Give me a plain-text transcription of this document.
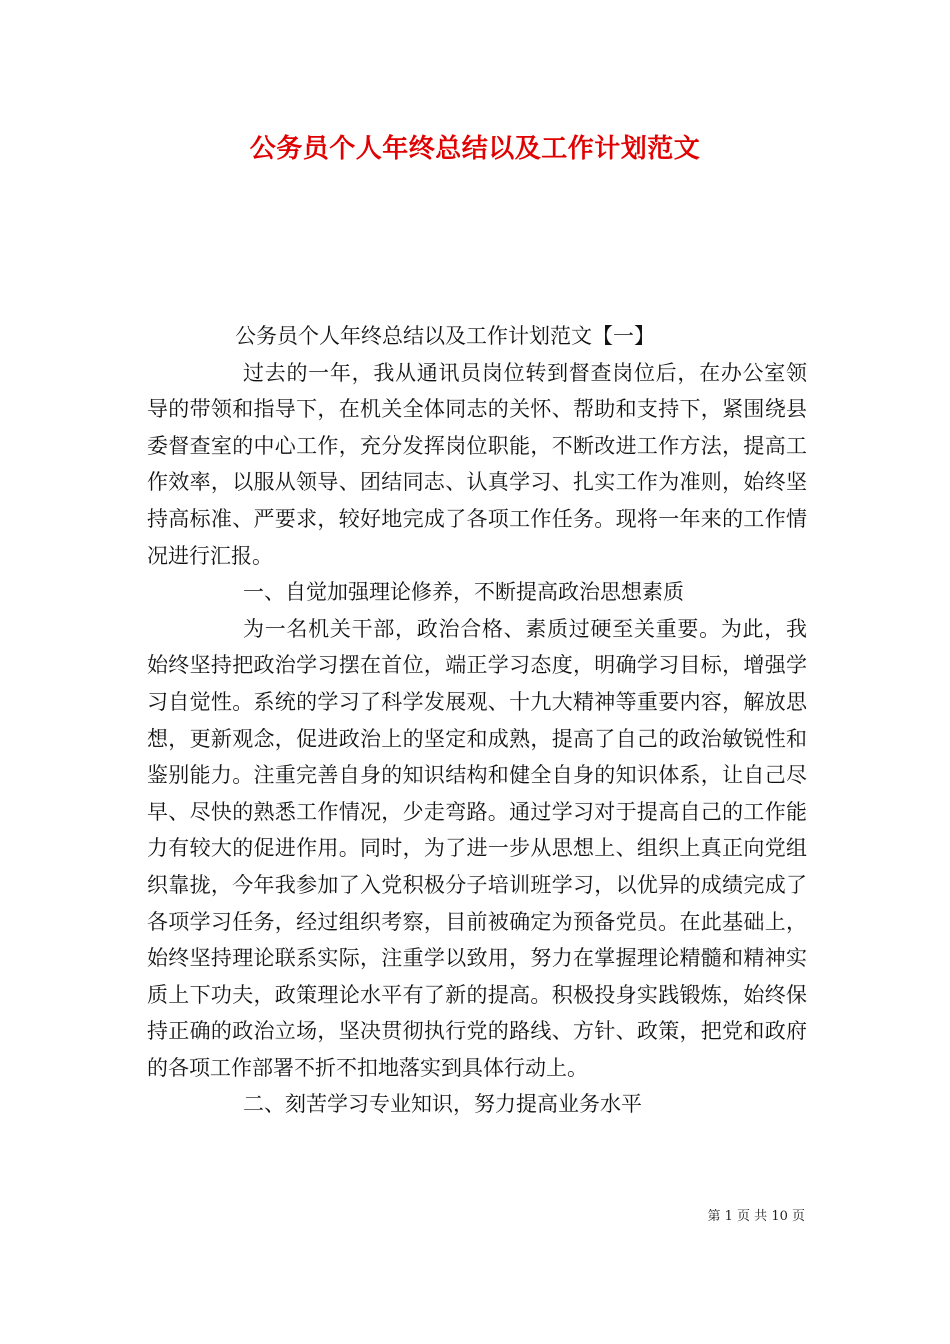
公务员个人年终总结以及工作计划范文

公务员个人年终总结以及工作计划范文【一】

过去的一年，我从通讯员岗位转到督查岗位后，在办公室领导的带领和指导下，在机关全体同志的关怀、帮助和支持下，紧围绕县委督查室的中心工作，充分发挥岗位职能，不断改进工作方法，提高工作效率，以服从领导、团结同志、认真学习、扎实工作为准则，始终坚持高标准、严要求，较好地完成了各项工作任务。现将一年来的工作情况进行汇报。

一、自觉加强理论修养，不断提高政治思想素质

为一名机关干部，政治合格、素质过硬至关重要。为此，我始终坚持把政治学习摆在首位，端正学习态度，明确学习目标，增强学习自觉性。系统的学习了科学发展观、十九大精神等重要内容，解放思想，更新观念，促进政治上的坚定和成熟，提高了自己的政治敏锐性和鉴别能力。注重完善自身的知识结构和健全自身的知识体系，让自己尽早、尽快的熟悉工作情况，少走弯路。通过学习对于提高自己的工作能力有较大的促进作用。同时，为了进一步从思想上、组织上真正向党组织靠拢，今年我参加了入党积极分子培训班学习，以优异的成绩完成了各项学习任务，经过组织考察，目前被确定为预备党员。在此基础上，始终坚持理论联系实际，注重学以致用，努力在掌握理论精髓和精神实质上下功夫，政策理论水平有了新的提高。积极投身实践锻炼，始终保持正确的政治立场，坚决贯彻执行党的路线、方针、政策，把党和政府的各项工作部署不折不扣地落实到具体行动上。

二、刻苦学习专业知识，努力提高业务水平

第 1 页 共 10 页
